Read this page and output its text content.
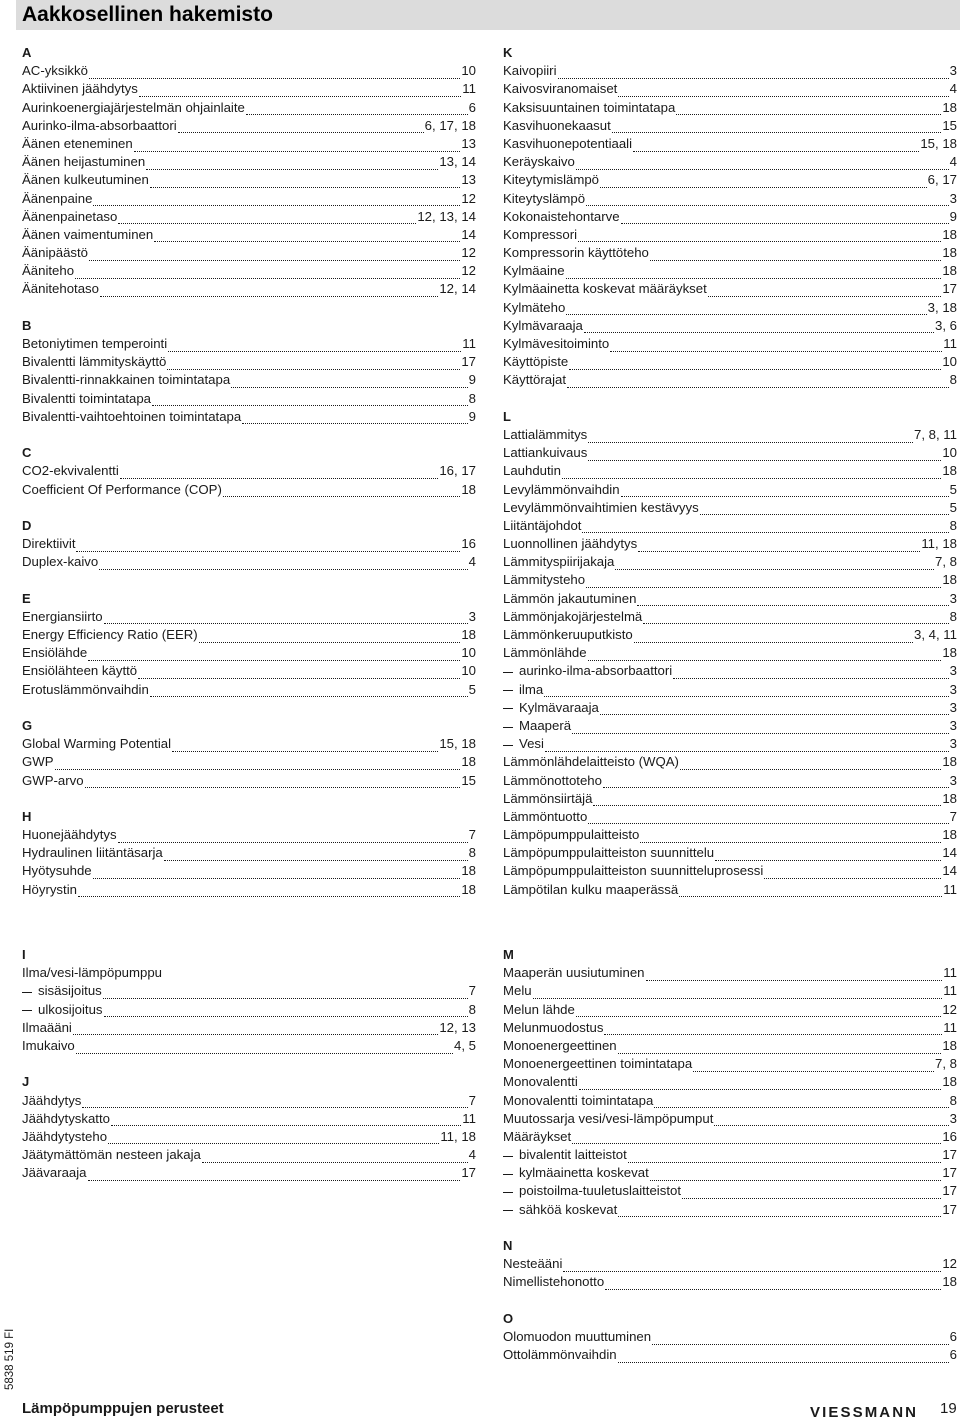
Aakkosellinen hakemisto
A
AC-yksikkö	10
Aktiivinen jäähdytys	11
Aurinkoenergiajärjestelmän ohjainlaite	6
Aurinko-ilma-absorbaattori	6, 17, 18
Äänen eteneminen	13
Äänen heijastuminen	13, 14
Äänen kulkeutuminen	13
Äänenpaine	12
Äänenpainetaso	12, 13, 14
Äänen vaimentuminen	14
Äänipäästö	12
Ääniteho	12
Äänitehotaso	12, 14
B
Betoniytimen temperointi	11
Bivalentti lämmityskäyttö	17
Bivalentti-rinnakkainen toimintatapa	9
Bivalentti toimintatapa	8
Bivalentti-vaihtoehtoinen toimintatapa	9
C
CO2-ekvivalentti	16, 17
Coefficient Of Performance (COP)	18
D
Direktiivit	16
Duplex-kaivo	4
E
Energiansiirto	3
Energy Efficiency Ratio (EER)	18
Ensiölähde	10
Ensiölähteen käyttö	10
Erotuslämmönvaihdin	5
G
Global Warming Potential	15, 18
GWP	18
GWP-arvo	15
H
Huonejäähdytys	7
Hydraulinen liitäntäsarja	8
Hyötysuhde	18
Höyrystin	18
I
Ilma/vesi-lämpöpumppu
sisäsijoitus	7
ulkosijoitus	8
Ilmaääni	12, 13
Imukaivo	4, 5
J
Jäähdytys	7
Jäähdytyskatto	11
Jäähdytysteho	11, 18
Jäätymättömän nesteen jakaja	4
Jäävaraaja	17
K
Kaivopiiri	3
Kaivosviranomaiset	4
Kaksisuuntainen toimintatapa	18
Kasvihuonekaasut	15
Kasvihuonepotentiaali	15, 18
Keräyskaivo	4
Kiteytymislämpö	6, 17
Kiteytyslämpö	3
Kokonaistehontarve	9
Kompressori	18
Kompressorin käyttöteho	18
Kylmäaine	18
Kylmäainetta koskevat määräykset	17
Kylmäteho	3, 18
Kylmävaraaja	3, 6
Kylmävesitoiminto	11
Käyttöpiste	10
Käyttörajat	8
L
Lattialämmitys	7, 8, 11
Lattiankuivaus	10
Lauhdutin	18
Levylämmönvaihdin	5
Levylämmönvaihtimien kestävyys	5
Liitäntäjohdot	8
Luonnollinen jäähdytys	11, 18
Lämmityspiirijakaja	7, 8
Lämmitysteho	18
Lämmön jakautuminen	3
Lämmönjakojärjestelmä	8
Lämmönkeruuputkisto	3, 4, 11
Lämmönlähde	18
aurinko-ilma-absorbaattori	3
ilma	3
Kylmävaraaja	3
Maaperä	3
Vesi	3
Lämmönlähdelaitteisto (WQA)	18
Lämmönottoteho	3
Lämmönsiirtäjä	18
Lämmöntuotto	7
Lämpöpumppulaitteisto	18
Lämpöpumppulaitteiston suunnittelu	14
Lämpöpumppulaitteiston suunnitteluprosessi	14
Lämpötilan kulku maaperässä	11
M
Maaperän uusiutuminen	11
Melu	11
Melun lähde	12
Melunmuodostus	11
Monoenergeettinen	18
Monoenergeettinen toimintatapa	7, 8
Monovalentti	18
Monovalentti toimintatapa	8
Muutossarja vesi/vesi-lämpöpumput	3
Määräykset	16
bivalentit laitteistot	17
kylmäainetta koskevat	17
poistoilma-tuuletuslaitteistot	17
sähköä koskevat	17
N
Nesteääni	12
Nimellistehonotto	18
O
Olomuodon muuttuminen	6
Ottolämmönvaihdin	6
5838 519 FI
Lämpöpumppujen perusteet	VIESSMANN 19
